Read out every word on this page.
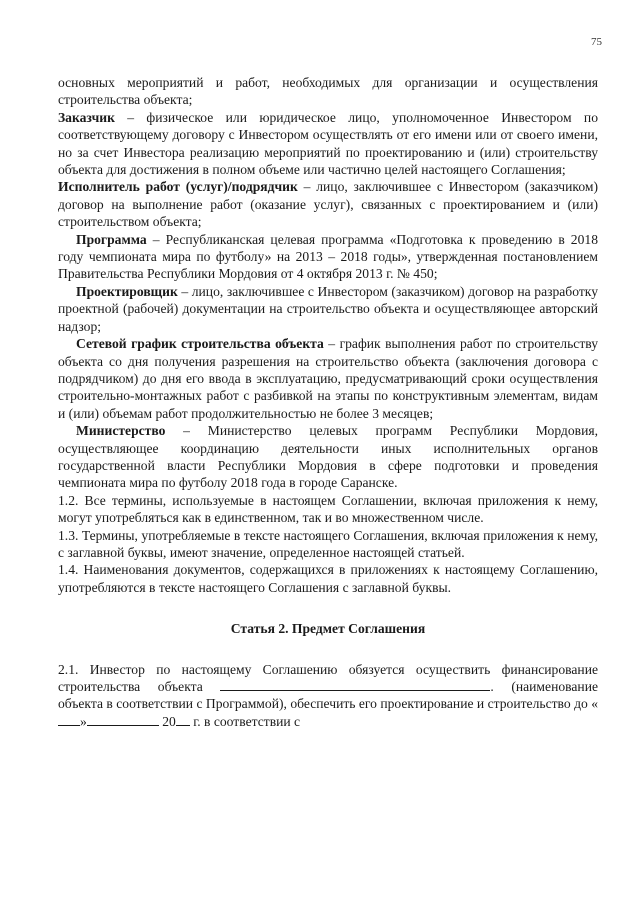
75

основных мероприятий и работ, необходимых для организации и осуществления строительства объекта;

Заказчик – физическое или юридическое лицо, уполномоченное Инвестором по соответствующему договору с Инвестором осуществлять от его имени или от своего имени, но за счет Инвестора реализацию мероприятий по проектированию и (или) строительству объекта для достижения в полном объеме или частично целей настоящего Соглашения;

Исполнитель работ (услуг)/подрядчик – лицо, заключившее с Инвестором (заказчиком) договор на выполнение работ (оказание услуг), связанных с проектированием и (или) строительством объекта;

Программа – Республиканская целевая программа «Подготовка к проведению в 2018 году чемпионата мира по футболу» на 2013 – 2018 годы», утвержденная постановлением Правительства Республики Мордовия от 4 октября 2013 г. № 450;

Проектировщик – лицо, заключившее с Инвестором (заказчиком) договор на разработку проектной (рабочей) документации на строительство объекта и осуществляющее авторский надзор;

Сетевой график строительства объекта – график выполнения работ по строительству объекта со дня получения разрешения на строительство объекта (заключения договора с подрядчиком) до дня его ввода в эксплуатацию, предусматривающий сроки осуществления строительно-монтажных работ с разбивкой на этапы по конструктивным элементам, видам и (или) объемам работ продолжительностью не более 3 месяцев;

Министерство – Министерство целевых программ Республики Мордовия, осуществляющее координацию деятельности иных исполнительных органов государственной власти Республики Мордовия в сфере подготовки и проведения чемпионата мира по футболу 2018 года в городе Саранске.

1.2. Все термины, используемые в настоящем Соглашении, включая приложения к нему, могут употребляться как в единственном, так и во множественном числе.

1.3. Термины, употребляемые в тексте настоящего Соглашения, включая приложения к нему, с заглавной буквы, имеют значение, определенное настоящей статьей.

1.4. Наименования документов, содержащихся в приложениях к настоящему Соглашению, употребляются в тексте настоящего Соглашения с заглавной буквы.

Статья 2. Предмет Соглашения

2.1. Инвестор по настоящему Соглашению обязуется осуществить финансирование строительства объекта	. (наименование объекта в соответствии с Программой), обеспечить его проектирование и строительство до «»	20 г. в соответствии с
